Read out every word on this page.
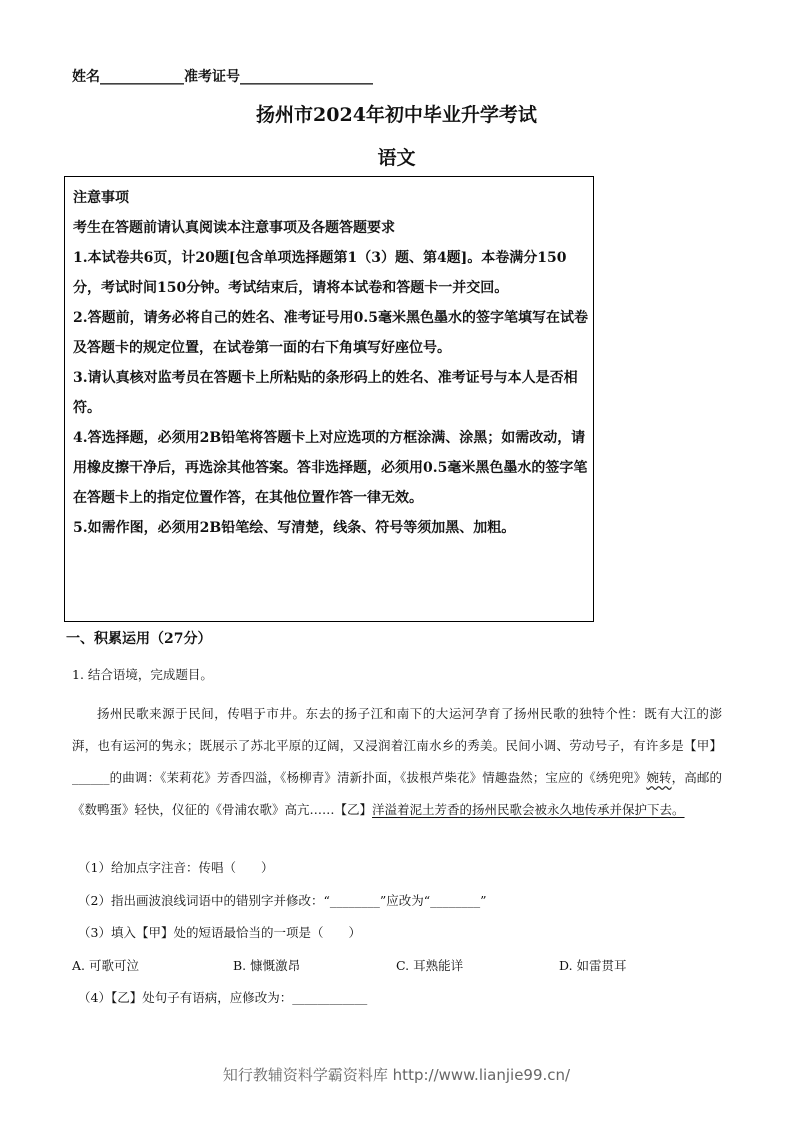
姓名____________准考证号___________________
扬州市2024年初中毕业升学考试
语文
注意事项
考生在答题前请认真阅读本注意事项及各题答题要求
1.本试卷共6页，计20题[包含单项选择题第1（3）题、第4题]。本卷满分150分，考试时间150分钟。考试结束后，请将本试卷和答题卡一并交回。
2.答题前，请务必将自己的姓名、准考证号用0.5毫米黑色墨水的签字笔填写在试卷及答题卡的规定位置，在试卷第一面的右下角填写好座位号。
3.请认真核对监考员在答题卡上所粘贴的条形码上的姓名、准考证号与本人是否相符。
4.答选择题，必须用2B铅笔将答题卡上对应选项的方框涂满、涂黑；如需改动，请用橡皮擦干净后，再选涂其他答案。答非选择题，必须用0.5毫米黑色墨水的签字笔在答题卡上的指定位置作答，在其他位置作答一律无效。
5.如需作图，必须用2B铅笔绘、写清楚，线条、符号等须加黑、加粗。
一、积累运用（27分）
1. 结合语境，完成题目。

扬州民歌来源于民间，传 ·唱于市井。东去的扬子江和南下的大运河孕育了扬州民歌的独特个性：既有大江的澎湃，也有运河的隽永；既展示了苏北平原的辽阔，又浸润着江南水乡的秀美。民间小调、劳动号子，有许多是【甲】______的曲调：《茉莉花》芳香四溢，《杨柳青》清新扑面，《拔根芦柴花》情趣盎然；宝应的《绣兜兜》婉转，高邮的《数鸭蛋》轻快，仪征的《骨浦农歌》高亢……【乙】洋溢着泥土芳香的扬州民歌会被永久地传承并保护下去。

（1）给加点字注音：传唱（　　）
（2）指出画波浪线词语中的错别字并修改：“________”应改为“________”
（3）填入【甲】处的短语最恰当的一项是（　　）
A. 可歌可泣	B. 慷慨激昂	C. 耳熟能详	D. 如雷贯耳
（4）【乙】处句子有语病，应修改为：____________
知行教辅资料学霸资料库 http://www.lianjie99.cn/
